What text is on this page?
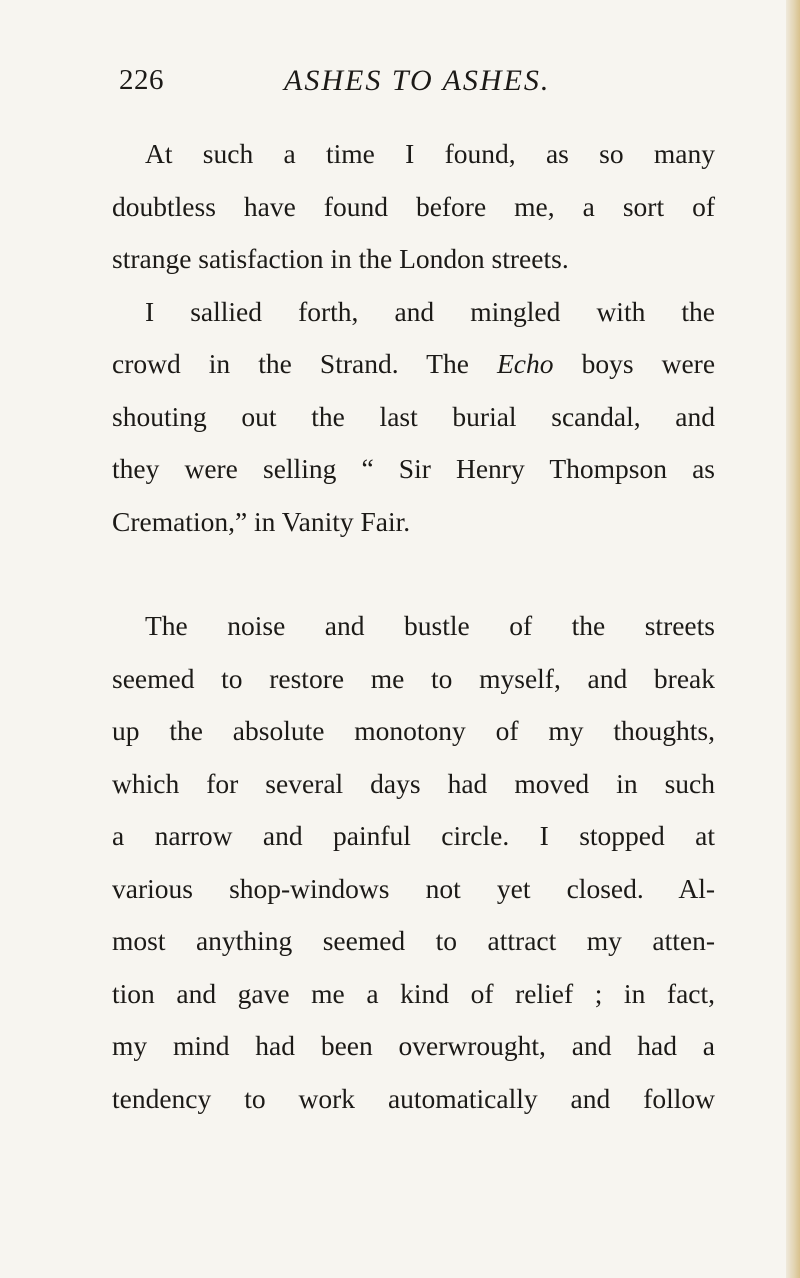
226	ASHES TO ASHES.
At such a time I found, as so many
doubtless have found before me, a sort of
strange satisfaction in the London streets.
I sallied forth, and mingled with the
crowd in the Strand. The Echo boys were
shouting out the last burial scandal, and
they were selling “ Sir Henry Thompson as
Cremation,” in Vanity Fair.
The noise and bustle of the streets
seemed to restore me to myself, and break
up the absolute monotony of my thoughts,
which for several days had moved in such
a narrow and painful circle. I stopped at
various shop-windows not yet closed. Al-
most anything seemed to attract my atten-
tion and gave me a kind of relief ; in fact,
my mind had been overwrought, and had a
tendency to work automatically and follow
